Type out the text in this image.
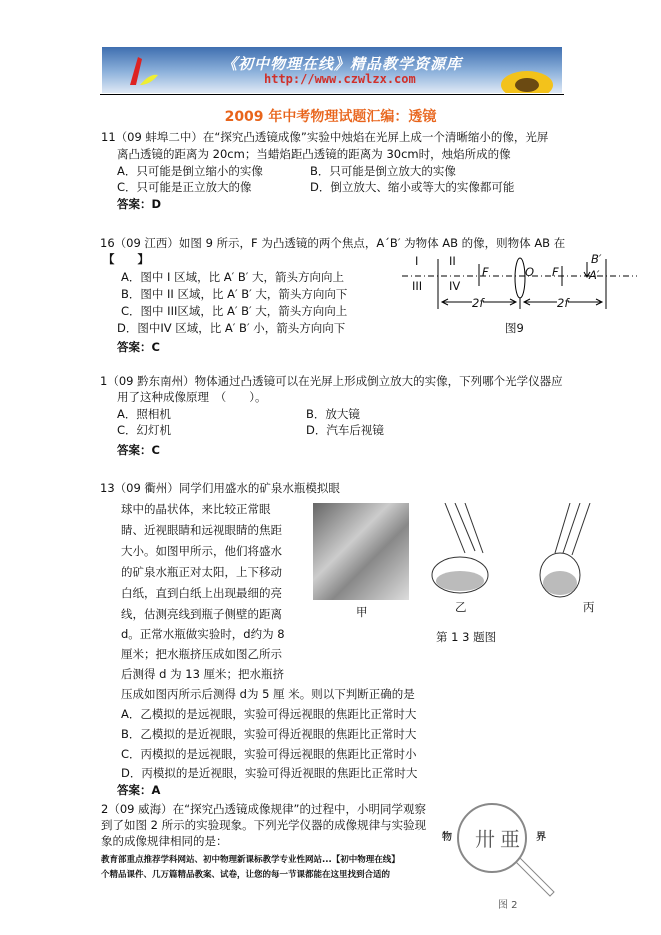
《初中物理在线》精品教学资源库
http://www.czwlzx.com
2009 年中考物理试题汇编：透镜
11（09 蚌埠二中）在“探究凸透镜成像”实验中烛焰在光屏上成一个清晰缩小的像，光屏
离凸透镜的距离为 20cm；当蜡焰距凸透镜的距离为 30cm时，烛焰所成的像
A．只可能是倒立缩小的实像	B．只可能是倒立放大的实像
C．只可能是正立放大的像	D．倒立放大、缩小或等大的实像都可能
答案：D
16（09 江西）如图 9 所示，F 为凸透镜的两个焦点，A´B′ 为物体 AB 的像，则物体 AB 在
【　　】
A．图中 I 区域，比 A′ B′ 大，箭头方向向上
B．图中 II 区域，比 A′ B′ 大，箭头方向向下
C．图中 III区域，比 A′ B′ 大，箭头方向向上
D．图中IV 区域，比 A′ B′ 小，箭头方向向下
答案：C
I	II
III IV
F	O F
B′
A′
2f	2f
图9
1（09 黔东南州）物体通过凸透镜可以在光屏上形成倒立放大的实像，下列哪个光学仪器应
用了这种成像原理　（　　）。
A．照相机	B．放大镜
C．幻灯机	D．汽车后视镜
答案：C
13（09 衢州）同学们用盛水的矿泉水瓶模拟眼
球中的晶状体，来比较正常眼
睛、近视眼睛和远视眼睛的焦距
大小。如图甲所示，他们将盛水
的矿泉水瓶正对太阳，上下移动
白纸，直到白纸上出现最细的亮
线，估测亮线到瓶子侧壁的距离
d。正常水瓶做实验时，d约为 8
厘米；把水瓶挤压成如图乙所示
后测得 d 为 13 厘米；把水瓶挤
压成如图丙所示后测得 d为 5 厘 米。则以下判断正确的是
A．乙模拟的是远视眼，实验可得远视眼的焦距比正常时大
B．乙模拟的是近视眼，实验可得近视眼的焦距比正常时大
C．丙模拟的是远视眼，实验可得远视眼的焦距比正常时小
D．丙模拟的是近视眼，实验可得近视眼的焦距比正常时大
答案：A
甲	乙	丙
第 1 3 题图
2（09 威海）在“探究凸透镜成像规律”的过程中，小明同学观察
到了如图 2 所示的实验现象。下列光学仪器的成像规律与实验现
象的成像规律相同的是：	卅 亜
物	界
图 2
教育部重点推荐学科网站、初中物理新课标教学专业性网站...【初中物理在线】
个精品课件、几万篇精品教案、试卷，让您的每一节课都能在这里找到合适的
